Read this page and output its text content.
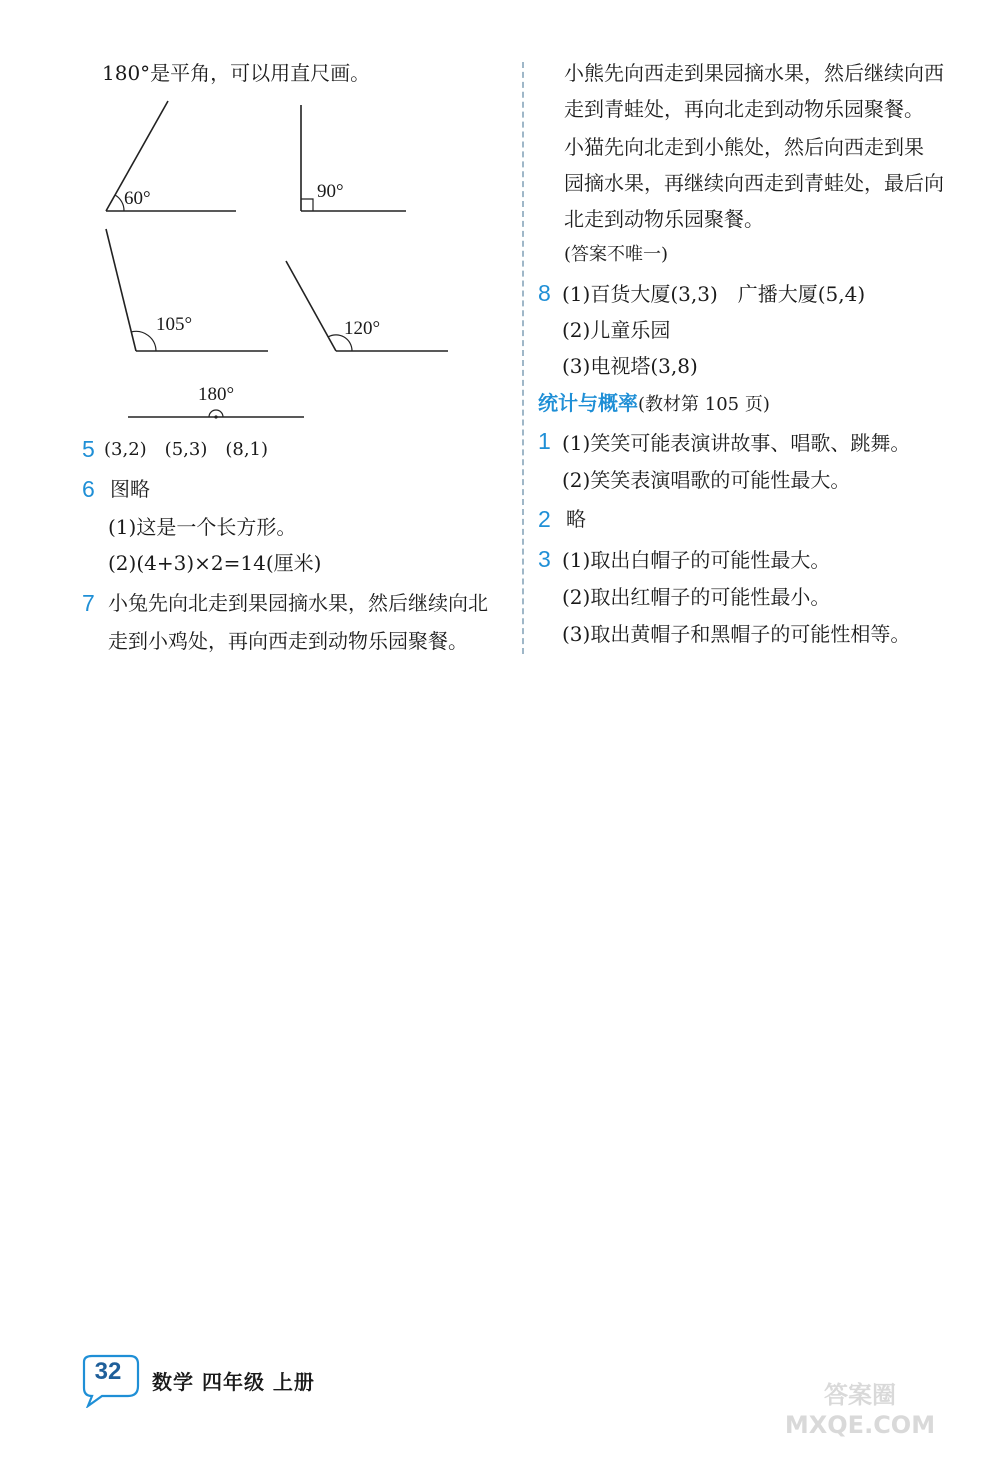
180°是平角，可以用直尺画。
60°	90°
105°	120°
180°
5 (3,2)　(5,3)　(8,1)
6 图略
(1)这是一个长方形。
(2)(4+3)×2=14(厘米)
7 小兔先向北走到果园摘水果，然后继续向北
走到小鸡处，再向西走到动物乐园聚餐。
小熊先向西走到果园摘水果，然后继续向西
走到青蛙处，再向北走到动物乐园聚餐。
小猫先向北走到小熊处，然后向西走到果
园摘水果，再继续向西走到青蛙处，最后向
北走到动物乐园聚餐。
(答案不唯一)
8 (1)百货大厦(3,3)　广播大厦(5,4)
(2)儿童乐园
(3)电视塔(3,8)
统计与概率(教材第 105 页)
1 (1)笑笑可能表演讲故事、唱歌、跳舞。
(2)笑笑表演唱歌的可能性最大。
2 略
3 (1)取出白帽子的可能性最大。
(2)取出红帽子的可能性最小。
(3)取出黄帽子和黑帽子的可能性相等。
32	数学 四年级 上册	答案圈 MXQE.COM
